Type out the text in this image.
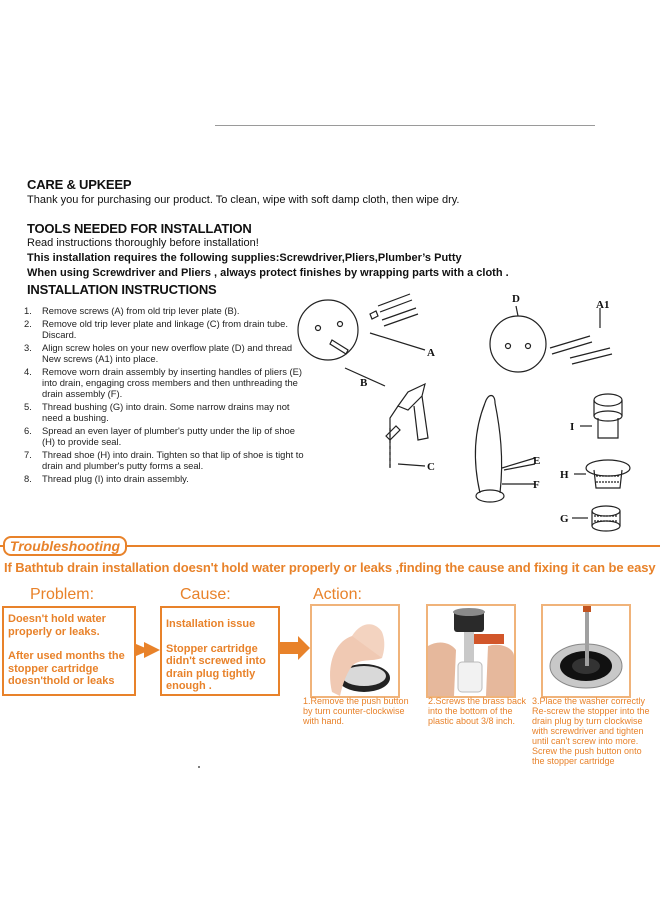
CARE & UPKEEP
Thank you for purchasing our product. To clean, wipe with soft damp cloth, then wipe dry.
TOOLS NEEDED FOR INSTALLATION
Read instructions thoroughly before installation!
This installation requires the following supplies:Screwdriver,Pliers,Plumber’s Putty
When using Screwdriver and Pliers , always protect finishes by wrapping parts with a cloth .
INSTALLATION INSTRUCTIONS
1. Remove screws (A) from old trip lever plate (B).
2. Remove old trip lever plate and linkage (C) from drain tube. Discard.
3. Align screw holes on your new overflow plate (D) and thread New screws (A1) into place.
4. Remove worn drain assembly by inserting handles of pliers (E) into drain, engaging cross members and then unthreading the drain assembly (F).
5. Thread bushing (G) into drain. Some narrow drains may not need a bushing.
6. Spread an even layer of plumber's putty under the lip of shoe (H) to provide seal.
7. Thread shoe (H) into drain. Tighten so that lip of shoe is tight to drain and plumber's putty forms a seal.
8. Thread plug (I) into drain assembly.
A
A1
B
C
D
E
F
G
H
I
Troubleshooting
If Bathtub drain installation doesn't hold water properly or leaks ,finding the cause and fixing it can be easy
Problem:	Cause:	Action:
Doesn't hold water properly or leaks.
After used months the stopper cartridge doesn'thold or leaks
Installation issue
Stopper cartridge didn't screwed into drain plug tightly enough .
1.Remove the push button by turn counter-clockwise with hand.
2.Screws the brass back into the bottom of the plastic about 3/8 inch.
3.Place the washer correctly Re-screw the stopper into the drain plug by turn clockwise with screwdriver and tighten until can't screw into more. Screw the push button onto the stopper cartridge
